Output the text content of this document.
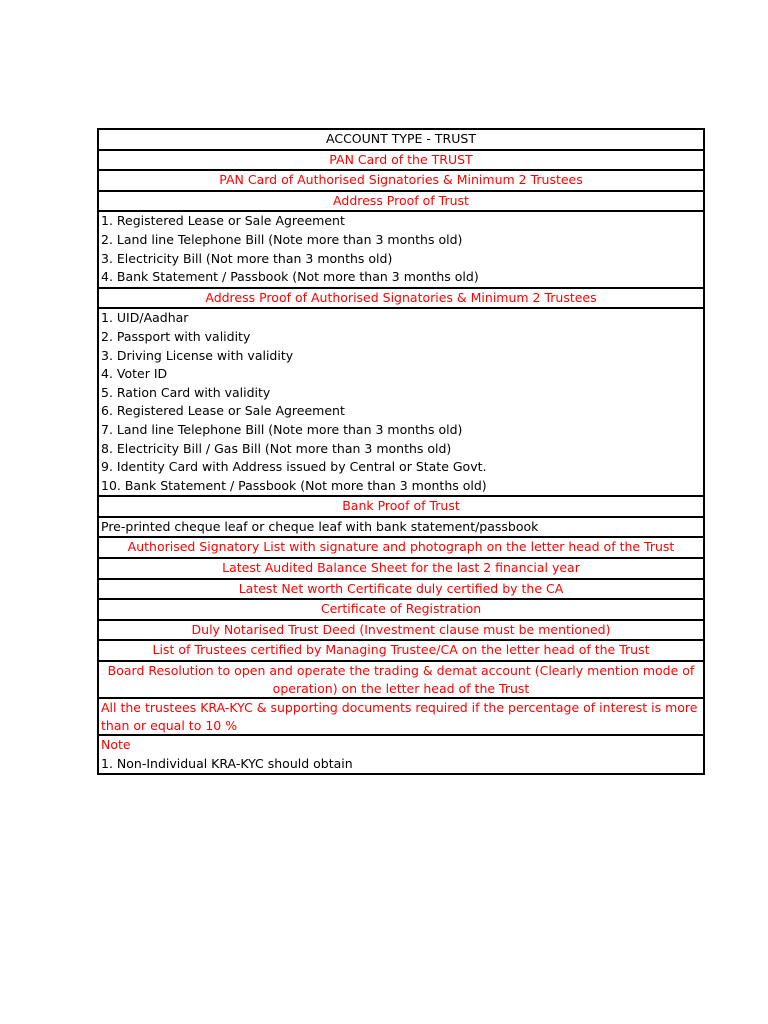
ACCOUNT TYPE - TRUST
PAN Card of the TRUST
PAN Card of Authorised Signatories & Minimum 2 Trustees
Address Proof of Trust
1. Registered Lease or Sale Agreement
2. Land line Telephone Bill (Note more than 3 months old)
3. Electricity Bill (Not more than 3 months old)
4. Bank Statement / Passbook (Not more than 3 months old)
Address Proof of Authorised Signatories & Minimum 2 Trustees
1. UID/Aadhar
2. Passport with validity
3. Driving License with validity
4. Voter ID
5. Ration Card with validity
6. Registered Lease or Sale Agreement
7. Land line Telephone Bill (Note more than 3 months old)
8. Electricity Bill / Gas Bill (Not more than 3 months old)
9. Identity Card with Address issued by Central or State Govt.
10. Bank Statement / Passbook (Not more than 3 months old)
Bank Proof of Trust
Pre-printed cheque leaf or cheque leaf with bank statement/passbook
Authorised Signatory List with signature and photograph on the letter head of the Trust
Latest Audited Balance Sheet for the last 2 financial year
Latest Net worth Certificate duly certified by the CA
Certificate of Registration
Duly Notarised Trust Deed (Investment clause must be mentioned)
List of Trustees certified by Managing Trustee/CA on the letter head of the Trust
Board Resolution to open and operate the trading & demat account (Clearly mention mode of operation) on the letter head of the Trust
All the trustees KRA-KYC & supporting documents required if the percentage of interest is more than or equal to 10 %
Note
1. Non-Individual KRA-KYC should obtain
